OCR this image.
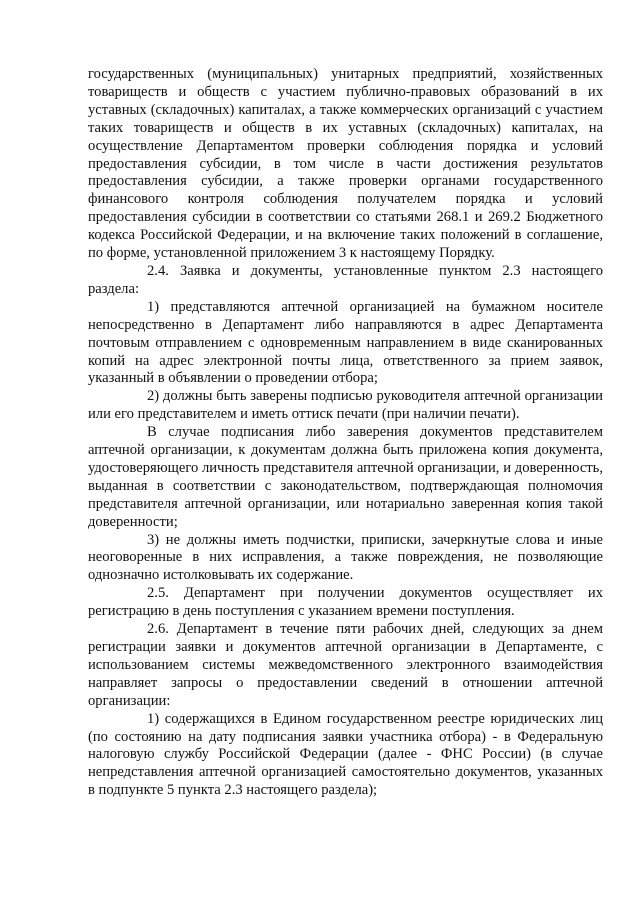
государственных (муниципальных) унитарных предприятий, хозяйственных товариществ и обществ с участием публично-правовых образований в их уставных (складочных) капиталах, а также коммерческих организаций с участием таких товариществ и обществ в их уставных (складочных) капиталах, на осуществление Департаментом проверки соблюдения порядка и условий предоставления субсидии, в том числе в части достижения результатов предоставления субсидии, а также проверки органами государственного финансового контроля соблюдения получателем порядка и условий предоставления субсидии в соответствии со статьями 268.1 и 269.2 Бюджетного кодекса Российской Федерации, и на включение таких положений в соглашение, по форме, установленной приложением 3 к настоящему Порядку.

2.4. Заявка и документы, установленные пунктом 2.3 настоящего раздела:

1) представляются аптечной организацией на бумажном носителе непосредственно в Департамент либо направляются в адрес Департамента почтовым отправлением с одновременным направлением в виде сканированных копий на адрес электронной почты лица, ответственного за прием заявок, указанный в объявлении о проведении отбора;

2) должны быть заверены подписью руководителя аптечной организации или его представителем и иметь оттиск печати (при наличии печати).

В случае подписания либо заверения документов представителем аптечной организации, к документам должна быть приложена копия документа, удостоверяющего личность представителя аптечной организации, и доверенность, выданная в соответствии с законодательством, подтверждающая полномочия представителя аптечной организации, или нотариально заверенная копия такой доверенности;

3) не должны иметь подчистки, приписки, зачеркнутые слова и иные неоговоренные в них исправления, а также повреждения, не позволяющие однозначно истолковывать их содержание.

2.5. Департамент при получении документов осуществляет их регистрацию в день поступления с указанием времени поступления.

2.6. Департамент в течение пяти рабочих дней, следующих за днем регистрации заявки и документов аптечной организации в Департаменте, с использованием системы межведомственного электронного взаимодействия направляет запросы о предоставлении сведений в отношении аптечной организации:

1) содержащихся в Едином государственном реестре юридических лиц (по состоянию на дату подписания заявки участника отбора) - в Федеральную налоговую службу Российской Федерации (далее - ФНС России) (в случае непредставления аптечной организацией самостоятельно документов, указанных в подпункте 5 пункта 2.3 настоящего раздела);
